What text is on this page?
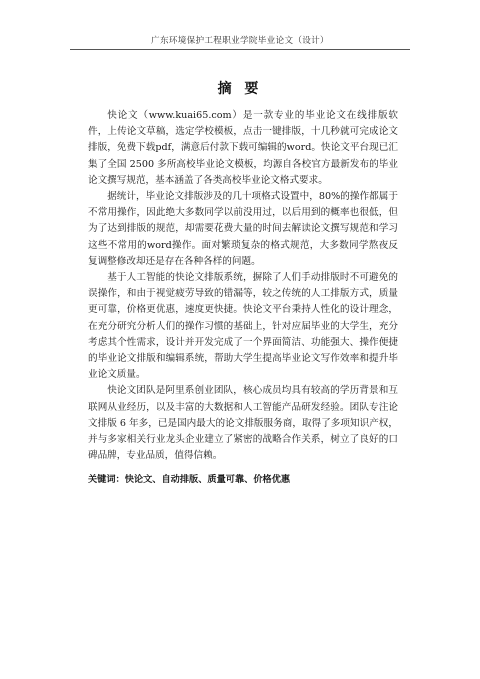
广东环境保护工程职业学院毕业论文（设计）
摘 要

快论文（www.kuai65.com）是一款专业的毕业论文在线排版软件，上传论文草稿，选定学校模板，点击一键排版，十几秒就可完成论文排版，免费下载pdf，满意后付款下载可编辑的word。快论文平台现已汇集了全国 2500 多所高校毕业论文模板，均源自各校官方最新发布的毕业论文撰写规范，基本涵盖了各类高校毕业论文格式要求。

据统计，毕业论文排版涉及的几十项格式设置中，80%的操作都属于不常用操作，因此绝大多数同学以前没用过，以后用到的概率也很低，但为了达到排版的规范，却需要花费大量的时间去解读论文撰写规范和学习这些不常用的word操作。面对繁琐复杂的格式规范，大多数同学熬夜反复调整修改却还是存在各种各样的问题。

基于人工智能的快论文排版系统，摒除了人们手动排版时不可避免的误操作，和由于视觉疲劳导致的错漏等，较之传统的人工排版方式，质量更可靠，价格更优惠，速度更快捷。快论文平台秉持人性化的设计理念，在充分研究分析人们的操作习惯的基础上，针对应届毕业的大学生，充分考虑其个性需求，设计并开发完成了一个界面简洁、功能强大、操作便捷的毕业论文排版和编辑系统，帮助大学生提高毕业论文写作效率和提升毕业论文质量。

快论文团队是阿里系创业团队，核心成员均具有较高的学历背景和互联网从业经历，以及丰富的大数据和人工智能产品研发经验。团队专注论文排版 6 年多，已是国内最大的论文排版服务商，取得了多项知识产权，并与多家相关行业龙头企业建立了紧密的战略合作关系，树立了良好的口碑品牌，专业品质，值得信赖。

关键词：快论文、自动排版、质量可靠、价格优惠
